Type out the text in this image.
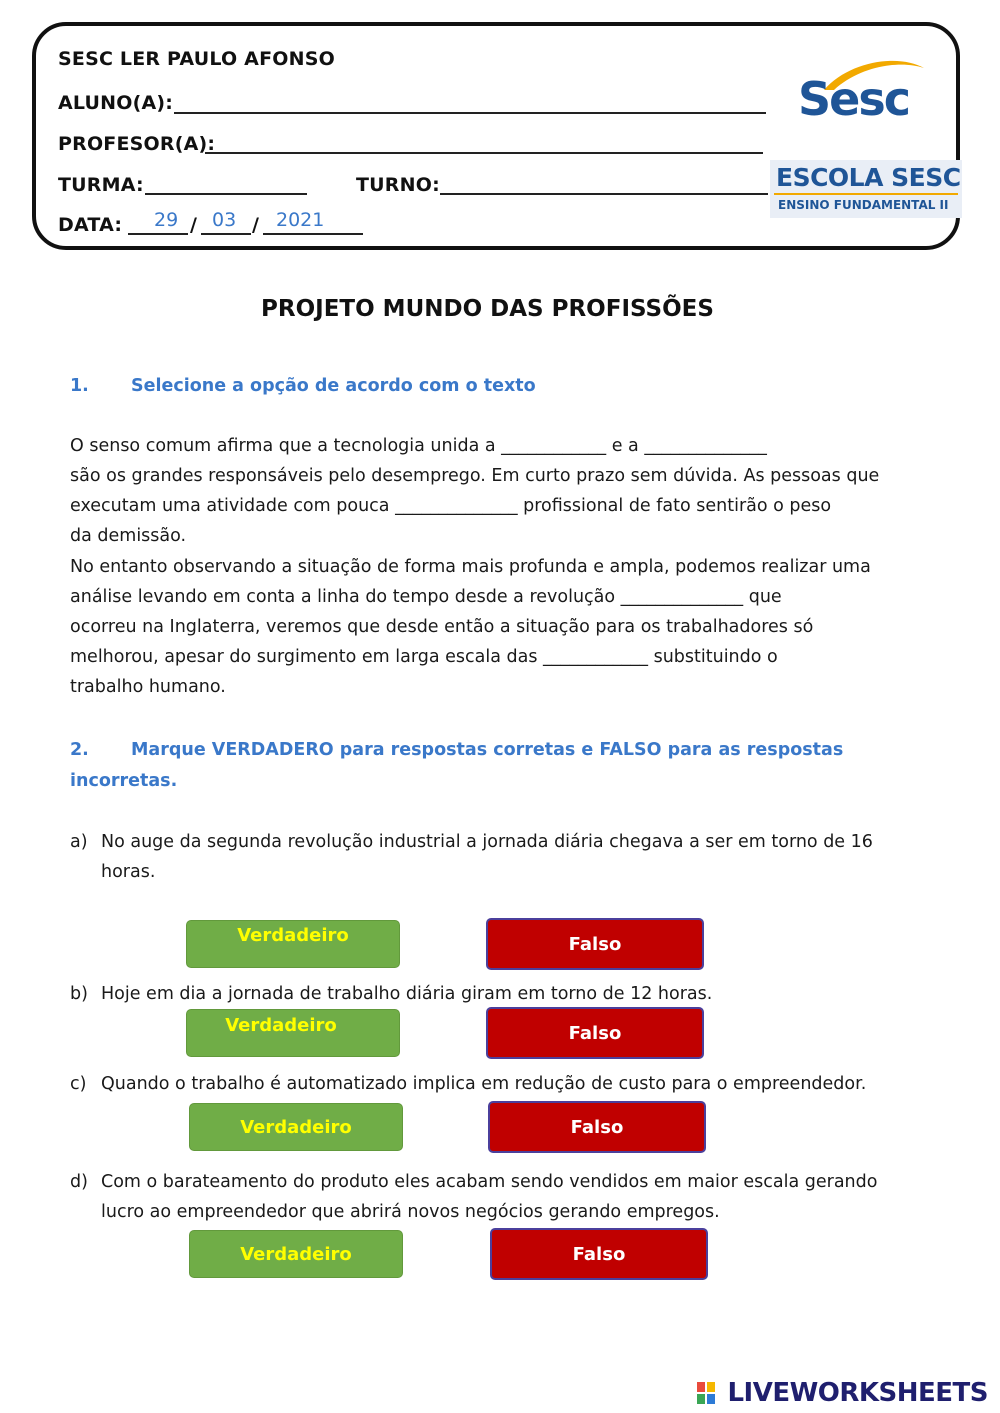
SESC LER PAULO AFONSO
ALUNO(A):
PROFESOR(A):
TURMA:	TURNO:
DATA: 29 / 03 / 2021
Sesc
ESCOLA SESC
ENSINO FUNDAMENTAL II
PROJETO MUNDO DAS PROFISSÕES
1. Selecione a opção de acordo com o texto
O senso comum afirma que a tecnologia unida a ____________ e a ______________
são os grandes responsáveis pelo desemprego. Em curto prazo sem dúvida. As pessoas que
executam uma atividade com pouca ______________ profissional de fato sentirão o peso
da demissão.
No entanto observando a situação de forma mais profunda e ampla, podemos realizar uma
análise levando em conta a linha do tempo desde a revolução ______________ que
ocorreu na Inglaterra, veremos que desde então a situação para os trabalhadores só
melhorou, apesar do surgimento em larga escala das ____________ substituindo o
trabalho humano.
2. Marque VERDADERO para respostas corretas e FALSO para as respostas
incorretas.
a) No auge da segunda revolução industrial a jornada diária chegava a ser em torno de 16
horas.
Verdadeiro	Falso
b) Hoje em dia a jornada de trabalho diária giram em torno de 12 horas.
Verdadeiro	Falso
c) Quando o trabalho é automatizado implica em redução de custo para o empreendedor.
Verdadeiro	Falso
d) Com o barateamento do produto eles acabam sendo vendidos em maior escala gerando
lucro ao empreendedor que abrirá novos negócios gerando empregos.
Verdadeiro	Falso
LIVEWORKSHEETS
